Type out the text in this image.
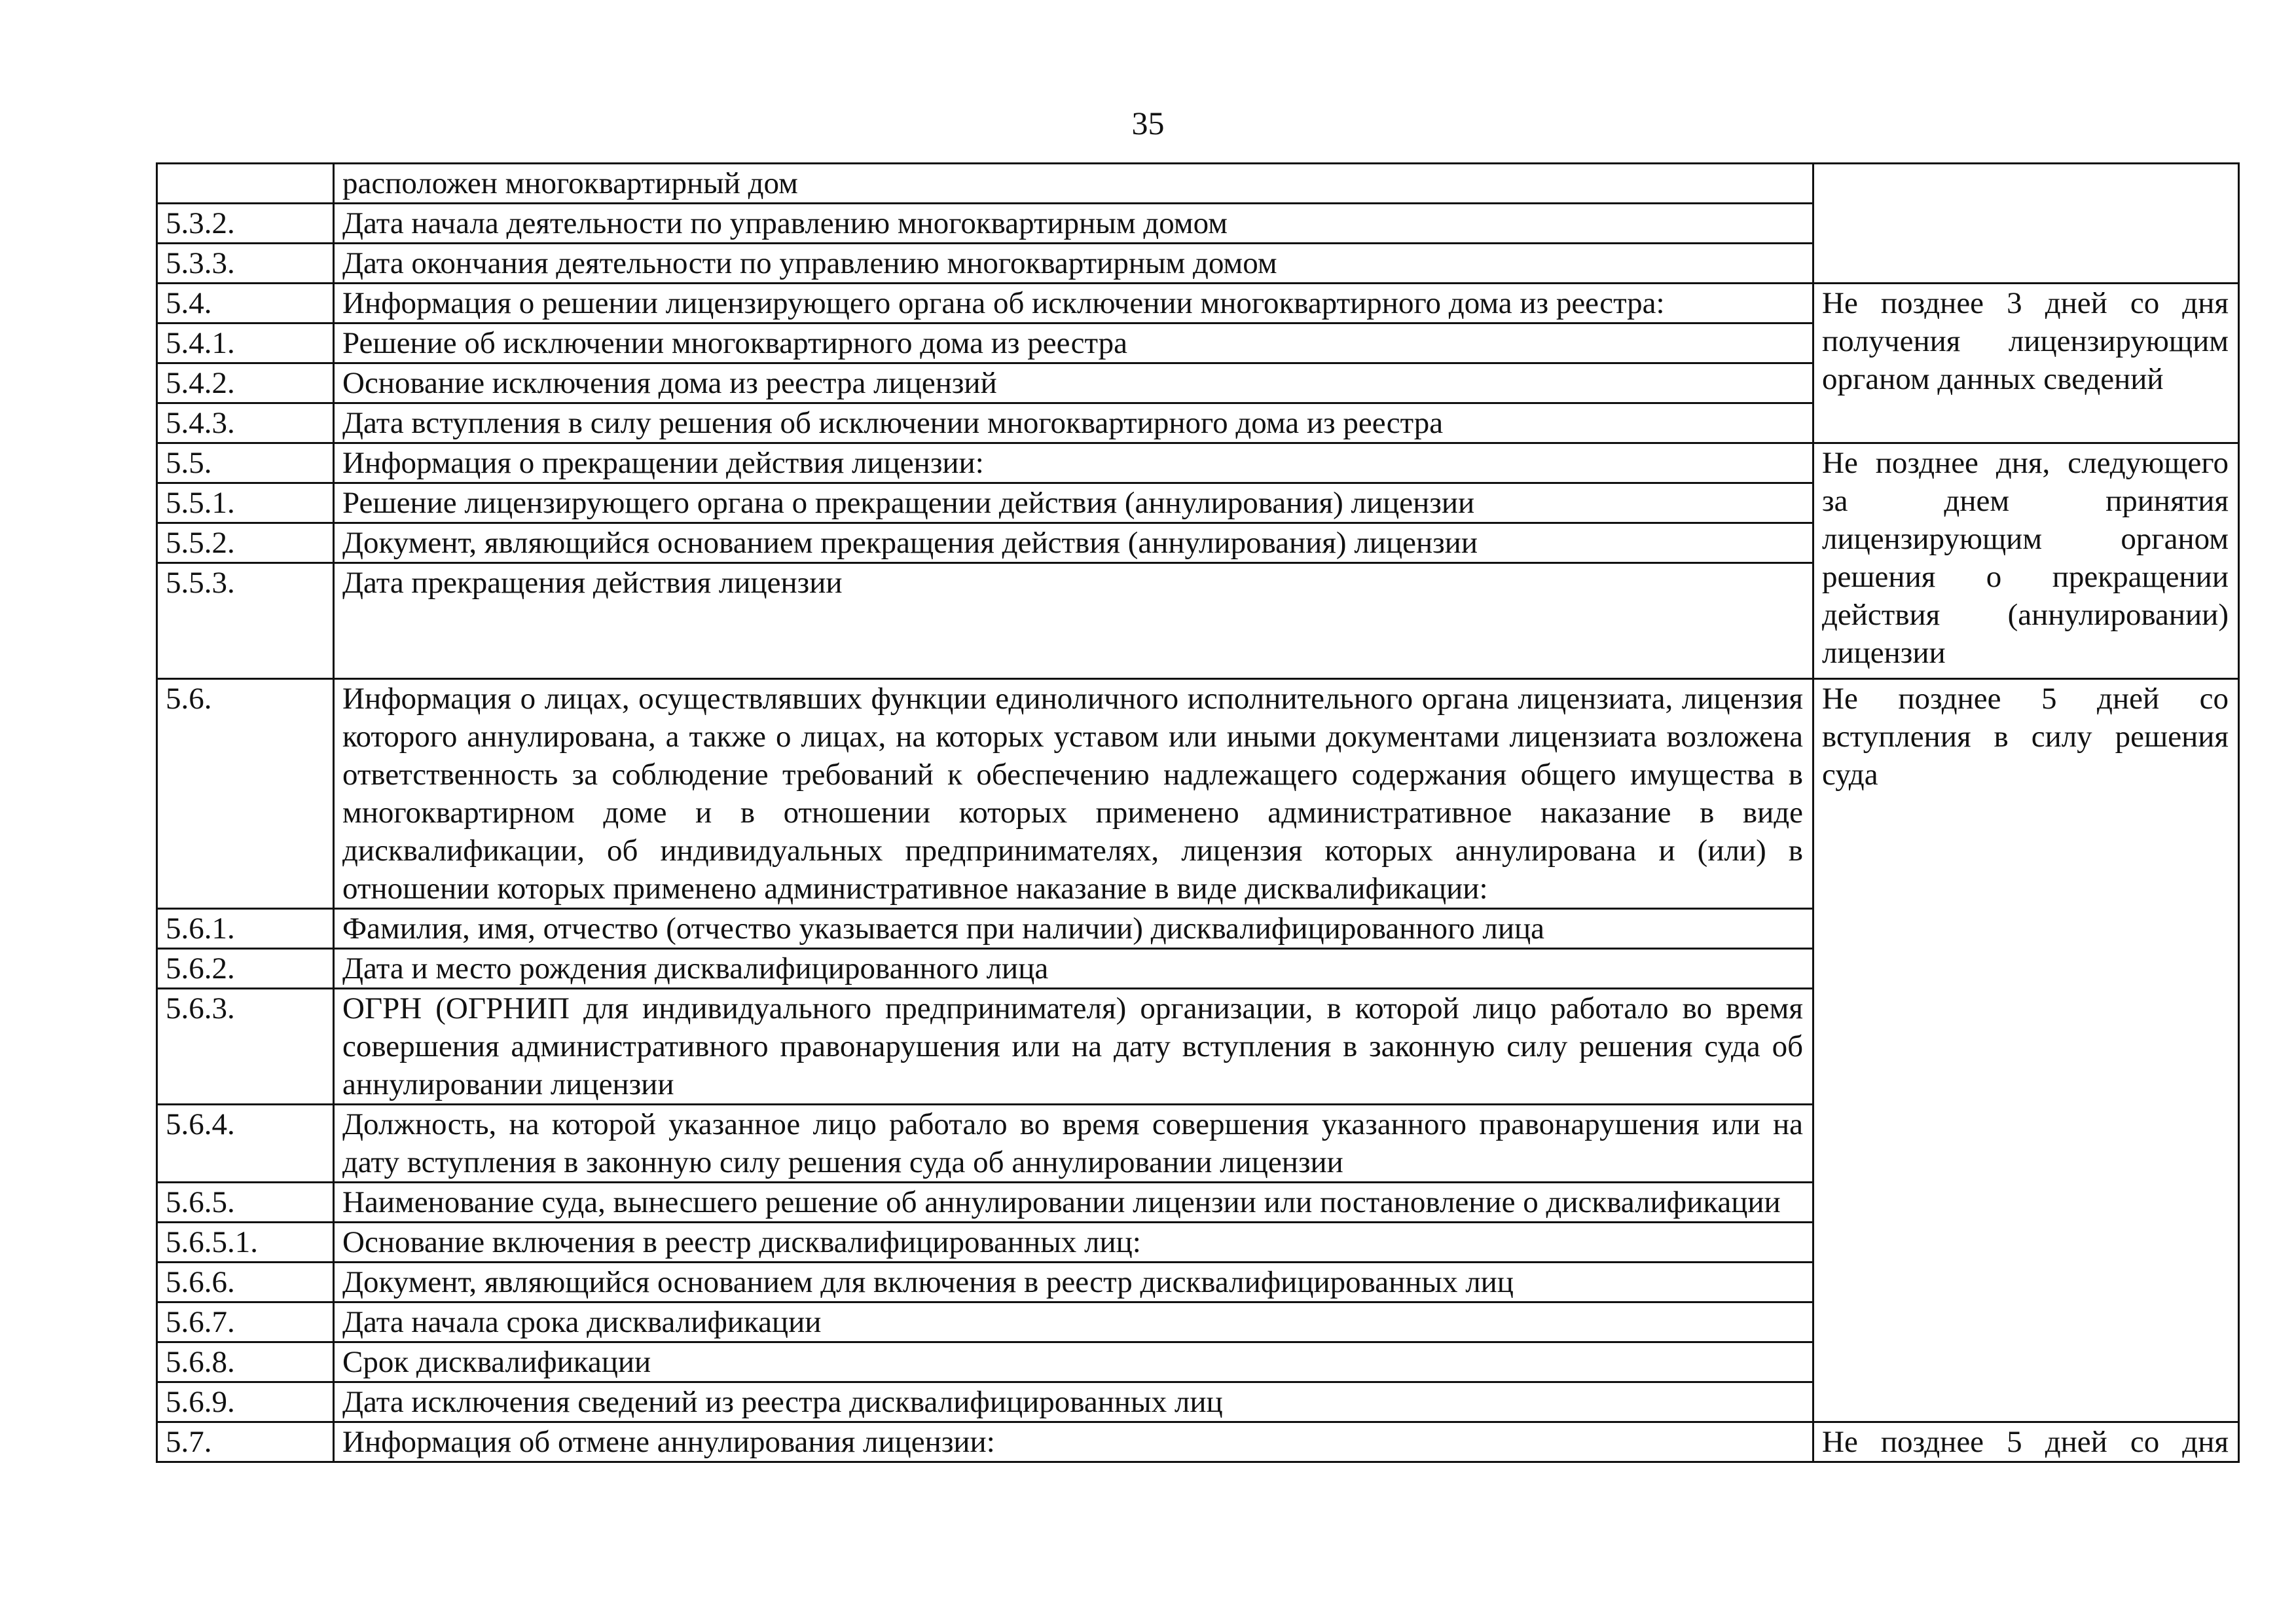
35
	расположен многоквартирный дом	
5.3.2.	Дата начала деятельности по управлению многоквартирным домом	
5.3.3.	Дата окончания деятельности по управлению многоквартирным домом	
5.4.	Информация о решении лицензирующего органа об исключении многоквартирного дома из реестра:	Не позднее 3 дней со дня получения лицензирующим органом данных сведений
5.4.1.	Решение об исключении многоквартирного дома из реестра	
5.4.2.	Основание исключения дома из реестра лицензий	
5.4.3.	Дата вступления в силу решения об исключении многоквартирного дома из реестра	
5.5.	Информация о прекращении действия лицензии:	Не позднее дня, следующего за днем принятия лицензирующим органом решения о прекращении действия (аннулировании) лицензии
5.5.1.	Решение лицензирующего органа о прекращении действия (аннулирования) лицензии	
5.5.2.	Документ, являющийся основанием прекращения действия (аннулирования) лицензии	
5.5.3.	Дата прекращения действия лицензии	

5.6.	Информация о лицах, осуществлявших функции единоличного исполнительного органа лицензиата, лицензия которого аннулирована, а также о лицах, на которых уставом или иными документами лицензиата возложена ответственность за соблюдение требований к обеспечению надлежащего содержания общего имущества в многоквартирном доме и в отношении которых применено административное наказание в виде дисквалификации, об индивидуальных предпринимателях, лицензия которых аннулирована и (или) в отношении которых применено административное наказание в виде дисквалификации:	Не позднее 5 дней со вступления в силу решения суда
5.6.1.	Фамилия, имя, отчество (отчество указывается при наличии) дисквалифицированного лица	
5.6.2.	Дата и место рождения дисквалифицированного лица	
5.6.3.	ОГРН (ОГРНИП для индивидуального предпринимателя) организации, в которой лицо работало во время совершения административного правонарушения или на дату вступления в законную силу решения суда об аннулировании лицензии	
5.6.4.	Должность, на которой указанное лицо работало во время совершения указанного правонарушения или на дату вступления в законную силу решения суда об аннулировании лицензии	
5.6.5.	Наименование суда, вынесшего решение об аннулировании лицензии или постановление о дисквалификации	
5.6.5.1.	Основание включения в реестр дисквалифицированных лиц:	
5.6.6.	Документ, являющийся основанием для включения в реестр дисквалифицированных лиц	
5.6.7.	Дата начала срока дисквалификации	
5.6.8.	Срок дисквалификации	
5.6.9.	Дата исключения сведений из реестра дисквалифицированных лиц	
5.7.	Информация об отмене аннулирования лицензии:	Не позднее 5 дней со дня
